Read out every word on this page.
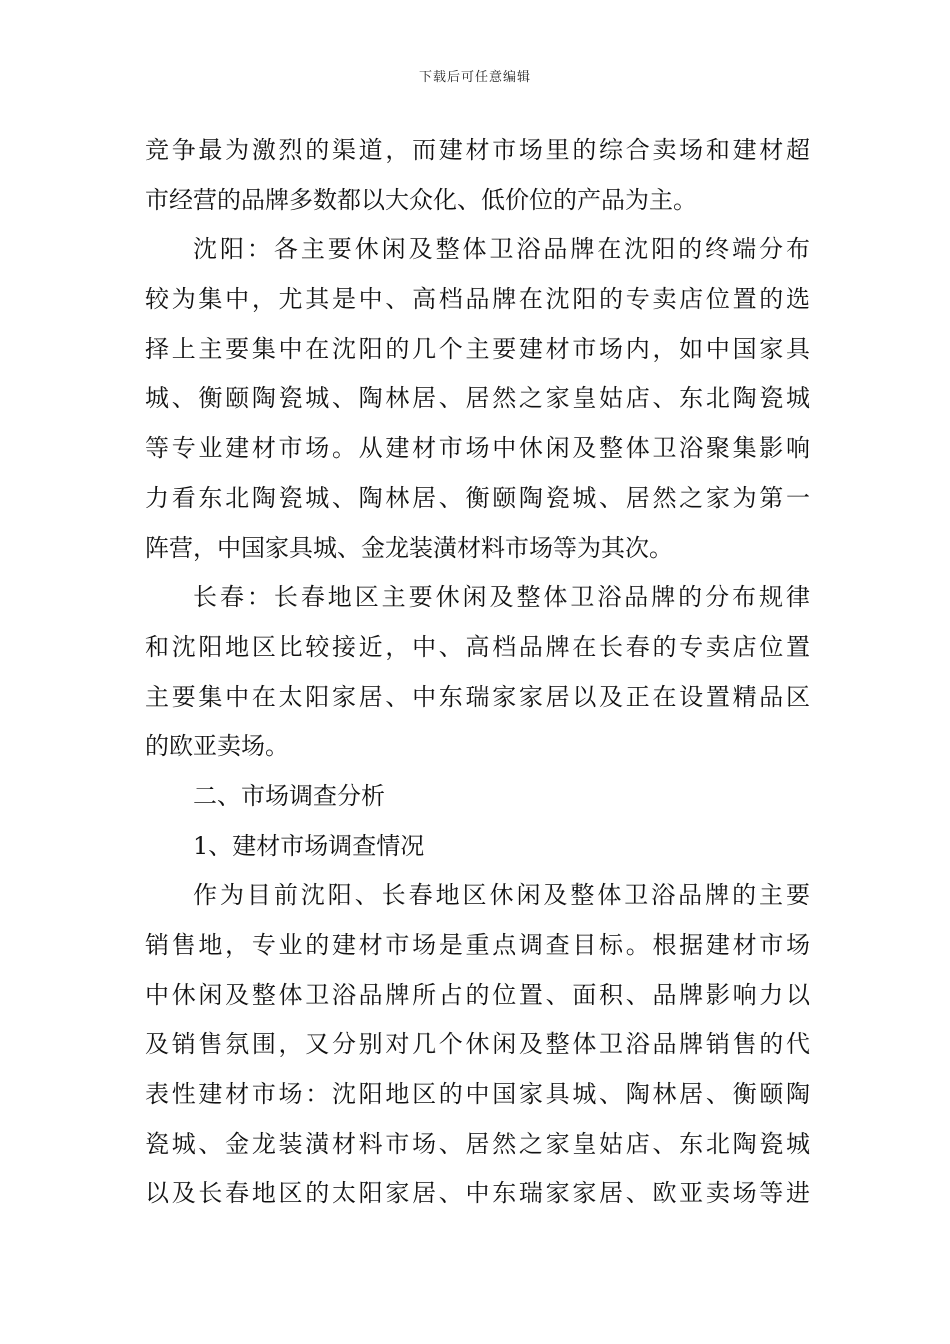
下载后可任意编辑
竞争最为激烈的渠道，而建材市场里的综合卖场和建材超
市经营的品牌多数都以大众化、低价位的产品为主。
沈阳：各主要休闲及整体卫浴品牌在沈阳的终端分布
较为集中，尤其是中、高档品牌在沈阳的专卖店位置的选
择上主要集中在沈阳的几个主要建材市场内，如中国家具
城、衡颐陶瓷城、陶林居、居然之家皇姑店、东北陶瓷城
等专业建材市场。从建材市场中休闲及整体卫浴聚集影响
力看东北陶瓷城、陶林居、衡颐陶瓷城、居然之家为第一
阵营，中国家具城、金龙装潢材料市场等为其次。
长春：长春地区主要休闲及整体卫浴品牌的分布规律
和沈阳地区比较接近，中、高档品牌在长春的专卖店位置
主要集中在太阳家居、中东瑞家家居以及正在设置精品区
的欧亚卖场。
二、市场调查分析
1、建材市场调查情况
作为目前沈阳、长春地区休闲及整体卫浴品牌的主要
销售地，专业的建材市场是重点调查目标。根据建材市场
中休闲及整体卫浴品牌所占的位置、面积、品牌影响力以
及销售氛围，又分别对几个休闲及整体卫浴品牌销售的代
表性建材市场：沈阳地区的中国家具城、陶林居、衡颐陶
瓷城、金龙装潢材料市场、居然之家皇姑店、东北陶瓷城
以及长春地区的太阳家居、中东瑞家家居、欧亚卖场等进
